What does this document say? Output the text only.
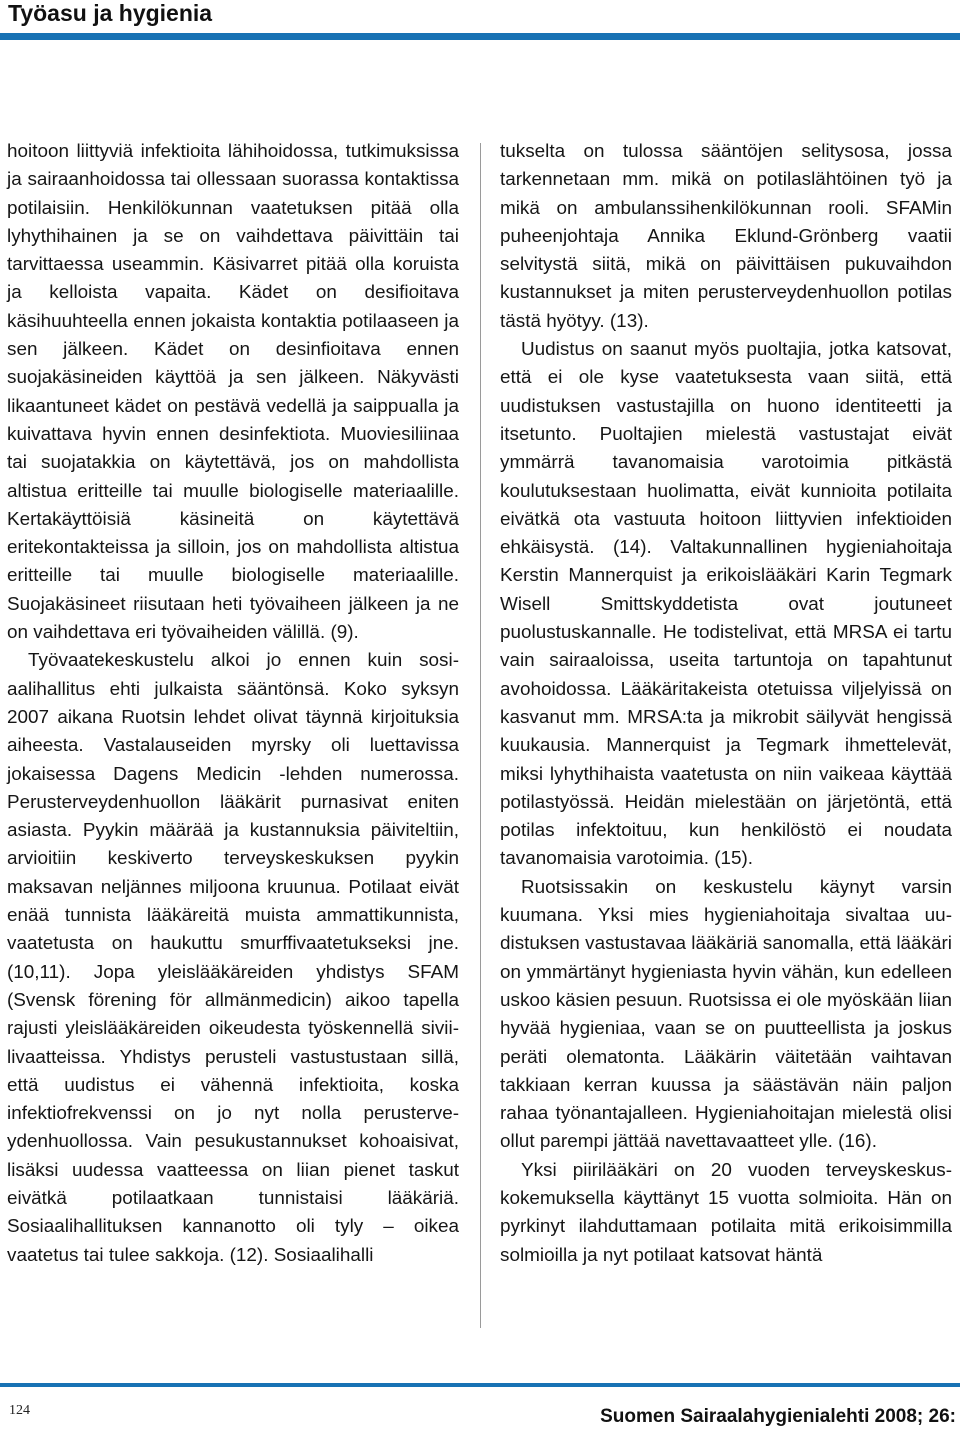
Työasu ja hygienia

hoitoon liittyviä infektioita lähihoidossa, tutkimuksissa ja sairaanhoidossa tai ollessaan suorassa kontaktissa potilaisiin. Henkilökunnan vaatetuksen pitää olla lyhythihainen ja se on vaihdettava päivittäin tai tarvittaessa useammin. Käsivarret pitää olla koruista ja kelloista vapaita. Kädet on desifioitava käsihuuhteella ennen jokaista kontaktia potilaaseen ja sen jälkeen. Kädet on desinfioitava ennen suojakäsineiden käyttöä ja sen jälkeen. Näkyvästi likaantuneet kädet on pestävä vedellä ja saippualla ja kuivattava hyvin ennen desinfektiota. Muoviesiliinaa tai suojatakkia on käytettävä, jos on mahdollista altistua eritteille tai muulle biologiselle materiaalille. Kertakäyttöisiä käsineitä on käytettävä eritekontakteissa ja silloin, jos on mahdollista altistua eritteille tai muulle biologiselle materiaalille. Suojakäsineet riisutaan heti työvaiheen jälkeen ja ne on vaihdettava eri työvaiheiden välillä. (9).

Työvaatekeskustelu alkoi jo ennen kuin sosiaalihallitus ehti julkaista sääntönsä. Koko syksyn 2007 aikana Ruotsin lehdet olivat täynnä kirjoituksia aiheesta. Vastalauseiden myrsky oli luettavissa jokaisessa Dagens Medicin -lehden numerossa. Perusterveydenhuollon lääkärit purnasivat eniten asiasta. Pyykin määrää ja kustannuksia päiviteltiin, arvioitiin keskiverto terveyskeskuksen pyykin maksavan neljännes miljoona kruunua. Potilaat eivät enää tunnista lääkäreitä muista ammattikunnista, vaatetusta on haukuttu smurffivaatetukseksi jne. (10,11). Jopa yleislääkäreiden yhdistys SFAM (Svensk förening för allmänmedicin) aikoo tapella rajusti yleislääkäreiden oikeudesta työskennellä siviilivaatteissa. Yhdistys perusteli vastustustaan sillä, että uudistus ei vähennä infektioita, koska infektiofrekvenssi on jo nyt nolla perusterveydenhuollossa. Vain pesukustannukset kohoaisivat, lisäksi uudessa vaatteessa on liian pienet taskut eivätkä potilaatkaan tunnistaisi lääkäriä. Sosiaalihallituksen kannanotto oli tyly – oikea vaatetus tai tulee sakkoja. (12). Sosiaalihalli

tukselta on tulossa sääntöjen selitysosa, jossa tarkennetaan mm. mikä on potilaslähtöinen työ ja mikä on ambulanssihenkilökunnan rooli. SFAMin puheenjohtaja Annika Eklund-Grönberg vaatii selvitystä siitä, mikä on päivittäisen pukuvaihdon kustannukset ja miten perusterveydenhuollon potilas tästä hyötyy. (13).

Uudistus on saanut myös puoltajia, jotka katsovat, että ei ole kyse vaatetuksesta vaan siitä, että uudistuksen vastustajilla on huono identiteetti ja itsetunto. Puoltajien mielestä vastustajat eivät ymmärrä tavanomaisia varotoimia pitkästä koulutuksestaan huolimatta, eivät kunnioita potilaita eivätkä ota vastuuta hoitoon liittyvien infektioiden ehkäisystä. (14). Valtakunnallinen hygieniahoitaja Kerstin Mannerquist ja erikoislääkäri Karin Tegmark Wisell Smittskyddetista ovat joutuneet puolustuskannalle. He todistelivat, että MRSA ei tartu vain sairaaloissa, useita tartuntoja on tapahtunut avohoidossa. Lääkäritakeista otetuissa viljelyissä on kasvanut mm. MRSA:ta ja mikrobit säilyvät hengissä kuukausia. Mannerquist ja Tegmark ihmettelevät, miksi lyhythihaista vaatetusta on niin vaikeaa käyttää potilastyössä. Heidän mielestään on järjetöntä, että potilas infektoituu, kun henkilöstö ei noudata tavanomaisia varotoimia. (15).

Ruotsissakin on keskustelu käynyt varsin kuumana. Yksi mies hygieniahoitaja sivaltaa uudistuksen vastustavaa lääkäriä sanomalla, että lääkäri on ymmärtänyt hygieniasta hyvin vähän, kun edelleen uskoo käsien pesuun. Ruotsissa ei ole myöskään liian hyvää hygieniaa, vaan se on puutteellista ja joskus peräti olematonta. Lääkärin väitetään vaihtavan takkiaan kerran kuussa ja säästävän näin paljon rahaa työnantajalleen. Hygieniahoitajan mielestä olisi ollut parempi jättää navettavaatteet ylle. (16).

Yksi piirilääkäri on 20 vuoden terveyskeskuskokemuksella käyttänyt 15 vuotta solmioita. Hän on pyrkinyt ilahduttamaan potilaita mitä erikoisimmilla solmioilla ja nyt potilaat katsovat häntä

124	Suomen Sairaalahygienialehti 2008; 26:
